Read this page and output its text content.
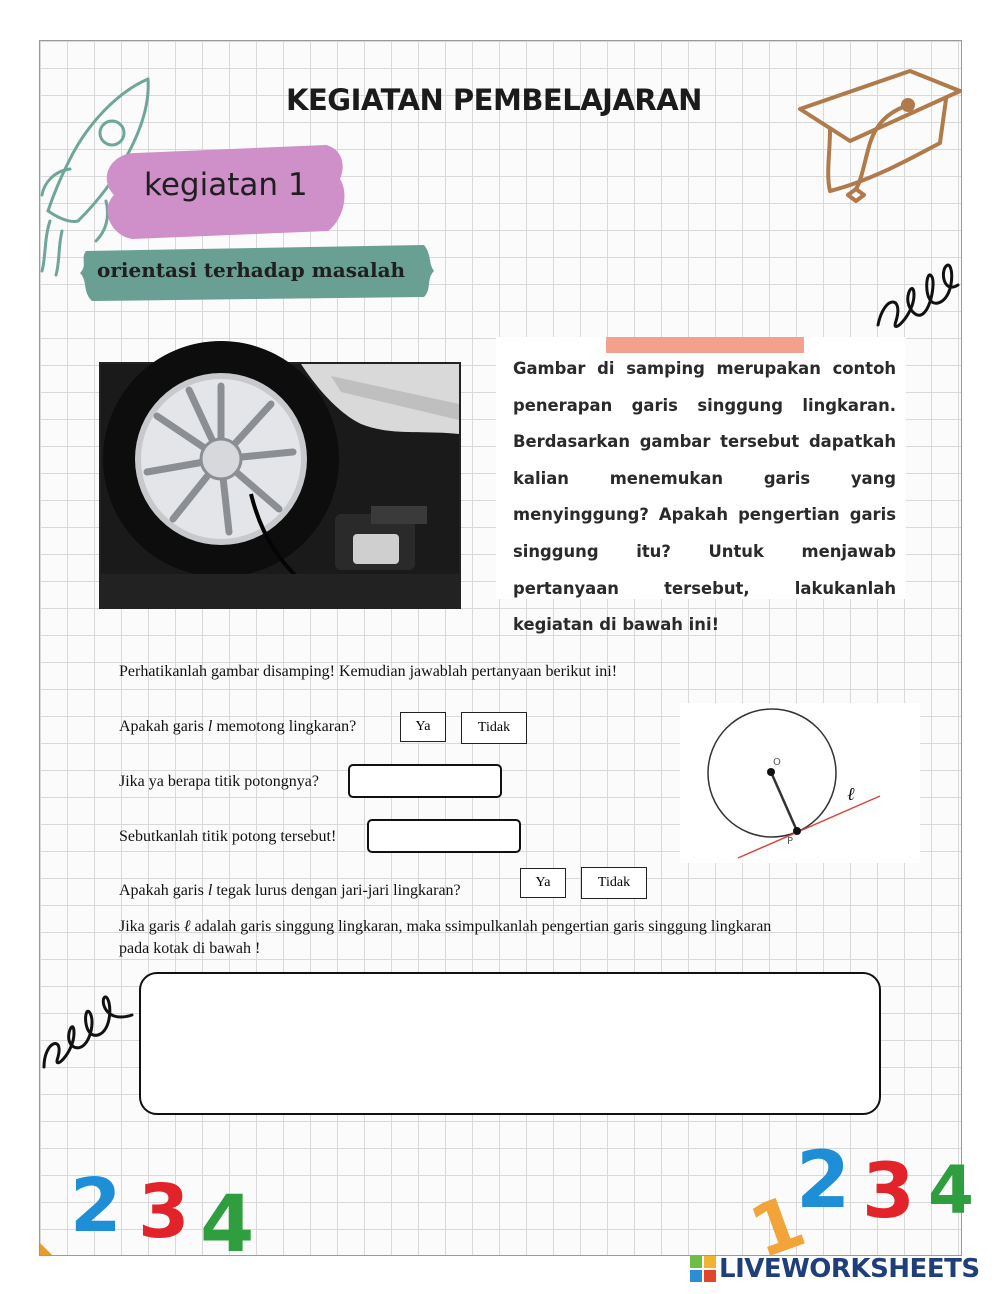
KEGIATAN PEMBELAJARAN
kegiatan 1
orientasi terhadap masalah
Gambar di samping merupakan contoh penerapan garis singgung lingkaran. Berdasarkan gambar tersebut dapatkah kalian menemukan garis yang menyinggung? Apakah pengertian garis singgung itu? Untuk menjawab pertanyaan tersebut, lakukanlah kegiatan di bawah ini!
Perhatikanlah gambar disamping! Kemudian jawablah pertanyaan berikut ini!
Apakah garis l memotong lingkaran?	Ya	Tidak
Jika ya berapa titik potongnya?
Sebutkanlah titik potong tersebut!
O
P
ℓ
Apakah garis l tegak lurus dengan jari-jari lingkaran?	Ya	Tidak
Jika garis ℓ adalah garis singgung lingkaran, maka ssimpulkanlah pengertian garis singgung lingkaran
pada kotak di bawah !
2 3 4	1
2 3 4
LIVEWORKSHEETS
